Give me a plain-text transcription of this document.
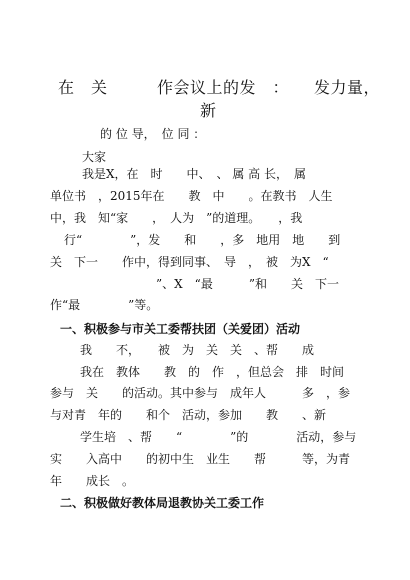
在　关　　　作会议上的发　：　　发力量，
新
的 位 导，　位 同 ：
大家
我是X，在　时　　中、　、 属 高 长，　属
单位书　，2015年在　　教　中　　。在教书　人生
中，我　知“家　　，　人为　”的道理。　　，我
行“　　　　”，发　　和　　，多　地用　地　　到
关　下一　　作中，得到同事、　导　，　被　为X　“
　　　”、X　“最　　　”和　　关　下一
作“最　　　　”等。
一、积极参与市关工委帮扶团（关爱团）活动
我　　不，　　被　为　关　关　、帮　　成
我在　教体　　教　的　作　，但总会　排　时间
参与　关　　的活动。其中参与　成年人　　　多　，参
与对青　年的　　和个　活动，参加　　教　　、新
学生培　、帮　　“　　　　”的　　　　活动，参与
实　　入高中　　的初中生　业生　　帮　　　等，为青
年　　成长　。
二、积极做好教体局退教协关工委工作
